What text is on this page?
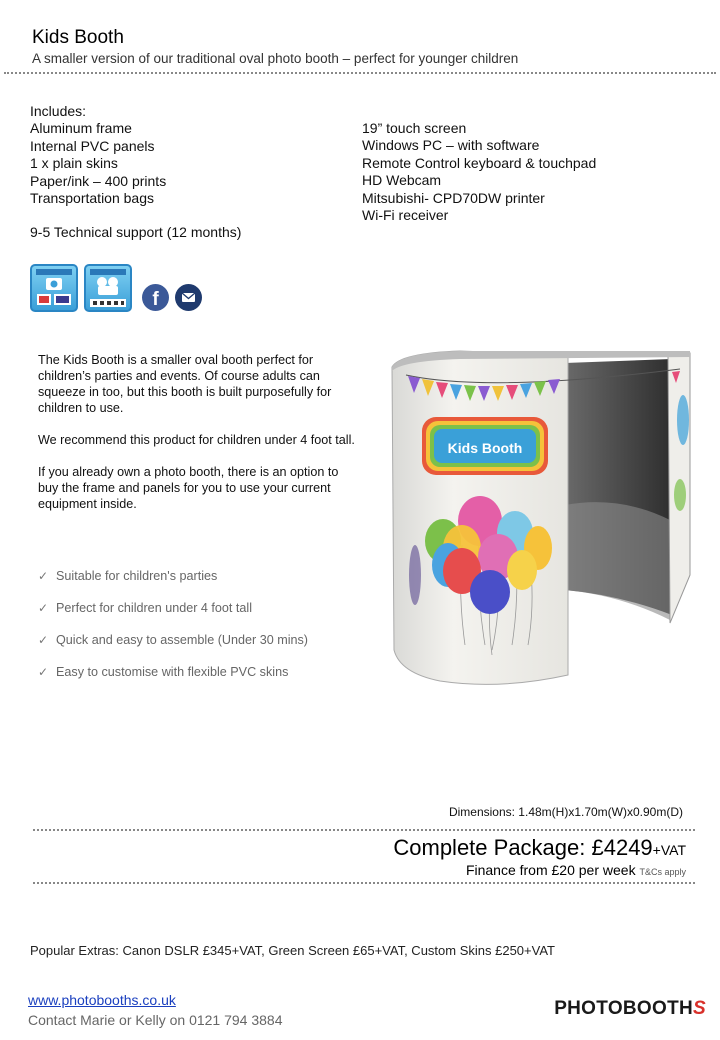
Kids Booth
A smaller version of our traditional oval photo booth – perfect for younger children
Includes:
Aluminum frame
Internal PVC panels
1 x plain skins
Paper/ink – 400 prints
Transportation bags
9-5 Technical support (12 months)
19” touch screen
Windows PC – with software
Remote Control keyboard & touchpad
HD Webcam
Mitsubishi- CPD70DW printer
Wi-Fi receiver
f

The Kids Booth is a smaller oval booth perfect for children’s parties and events. Of course adults can squeeze in too, but this booth is built purposefully for children to use.

We recommend this product for children under 4 foot tall.

If you already own a photo booth, there is an option to buy the frame and panels for you to use your current equipment inside.

✓ Suitable for children's parties
✓ Perfect for children under 4 foot tall
✓ Quick and easy to assemble (Under 30 mins)
✓ Easy to customise with flexible PVC skins
Kids Booth
Dimensions: 1.48m(H)x1.70m(W)x0.90m(D)
Complete Package: £4249+VAT
Finance from £20 per week T&Cs apply
Popular Extras: Canon DSLR £345+VAT, Green Screen £65+VAT, Custom Skins £250+VAT
www.photobooths.co.uk
Contact Marie or Kelly on 0121 794 3884
PHOTOBOOTHS
